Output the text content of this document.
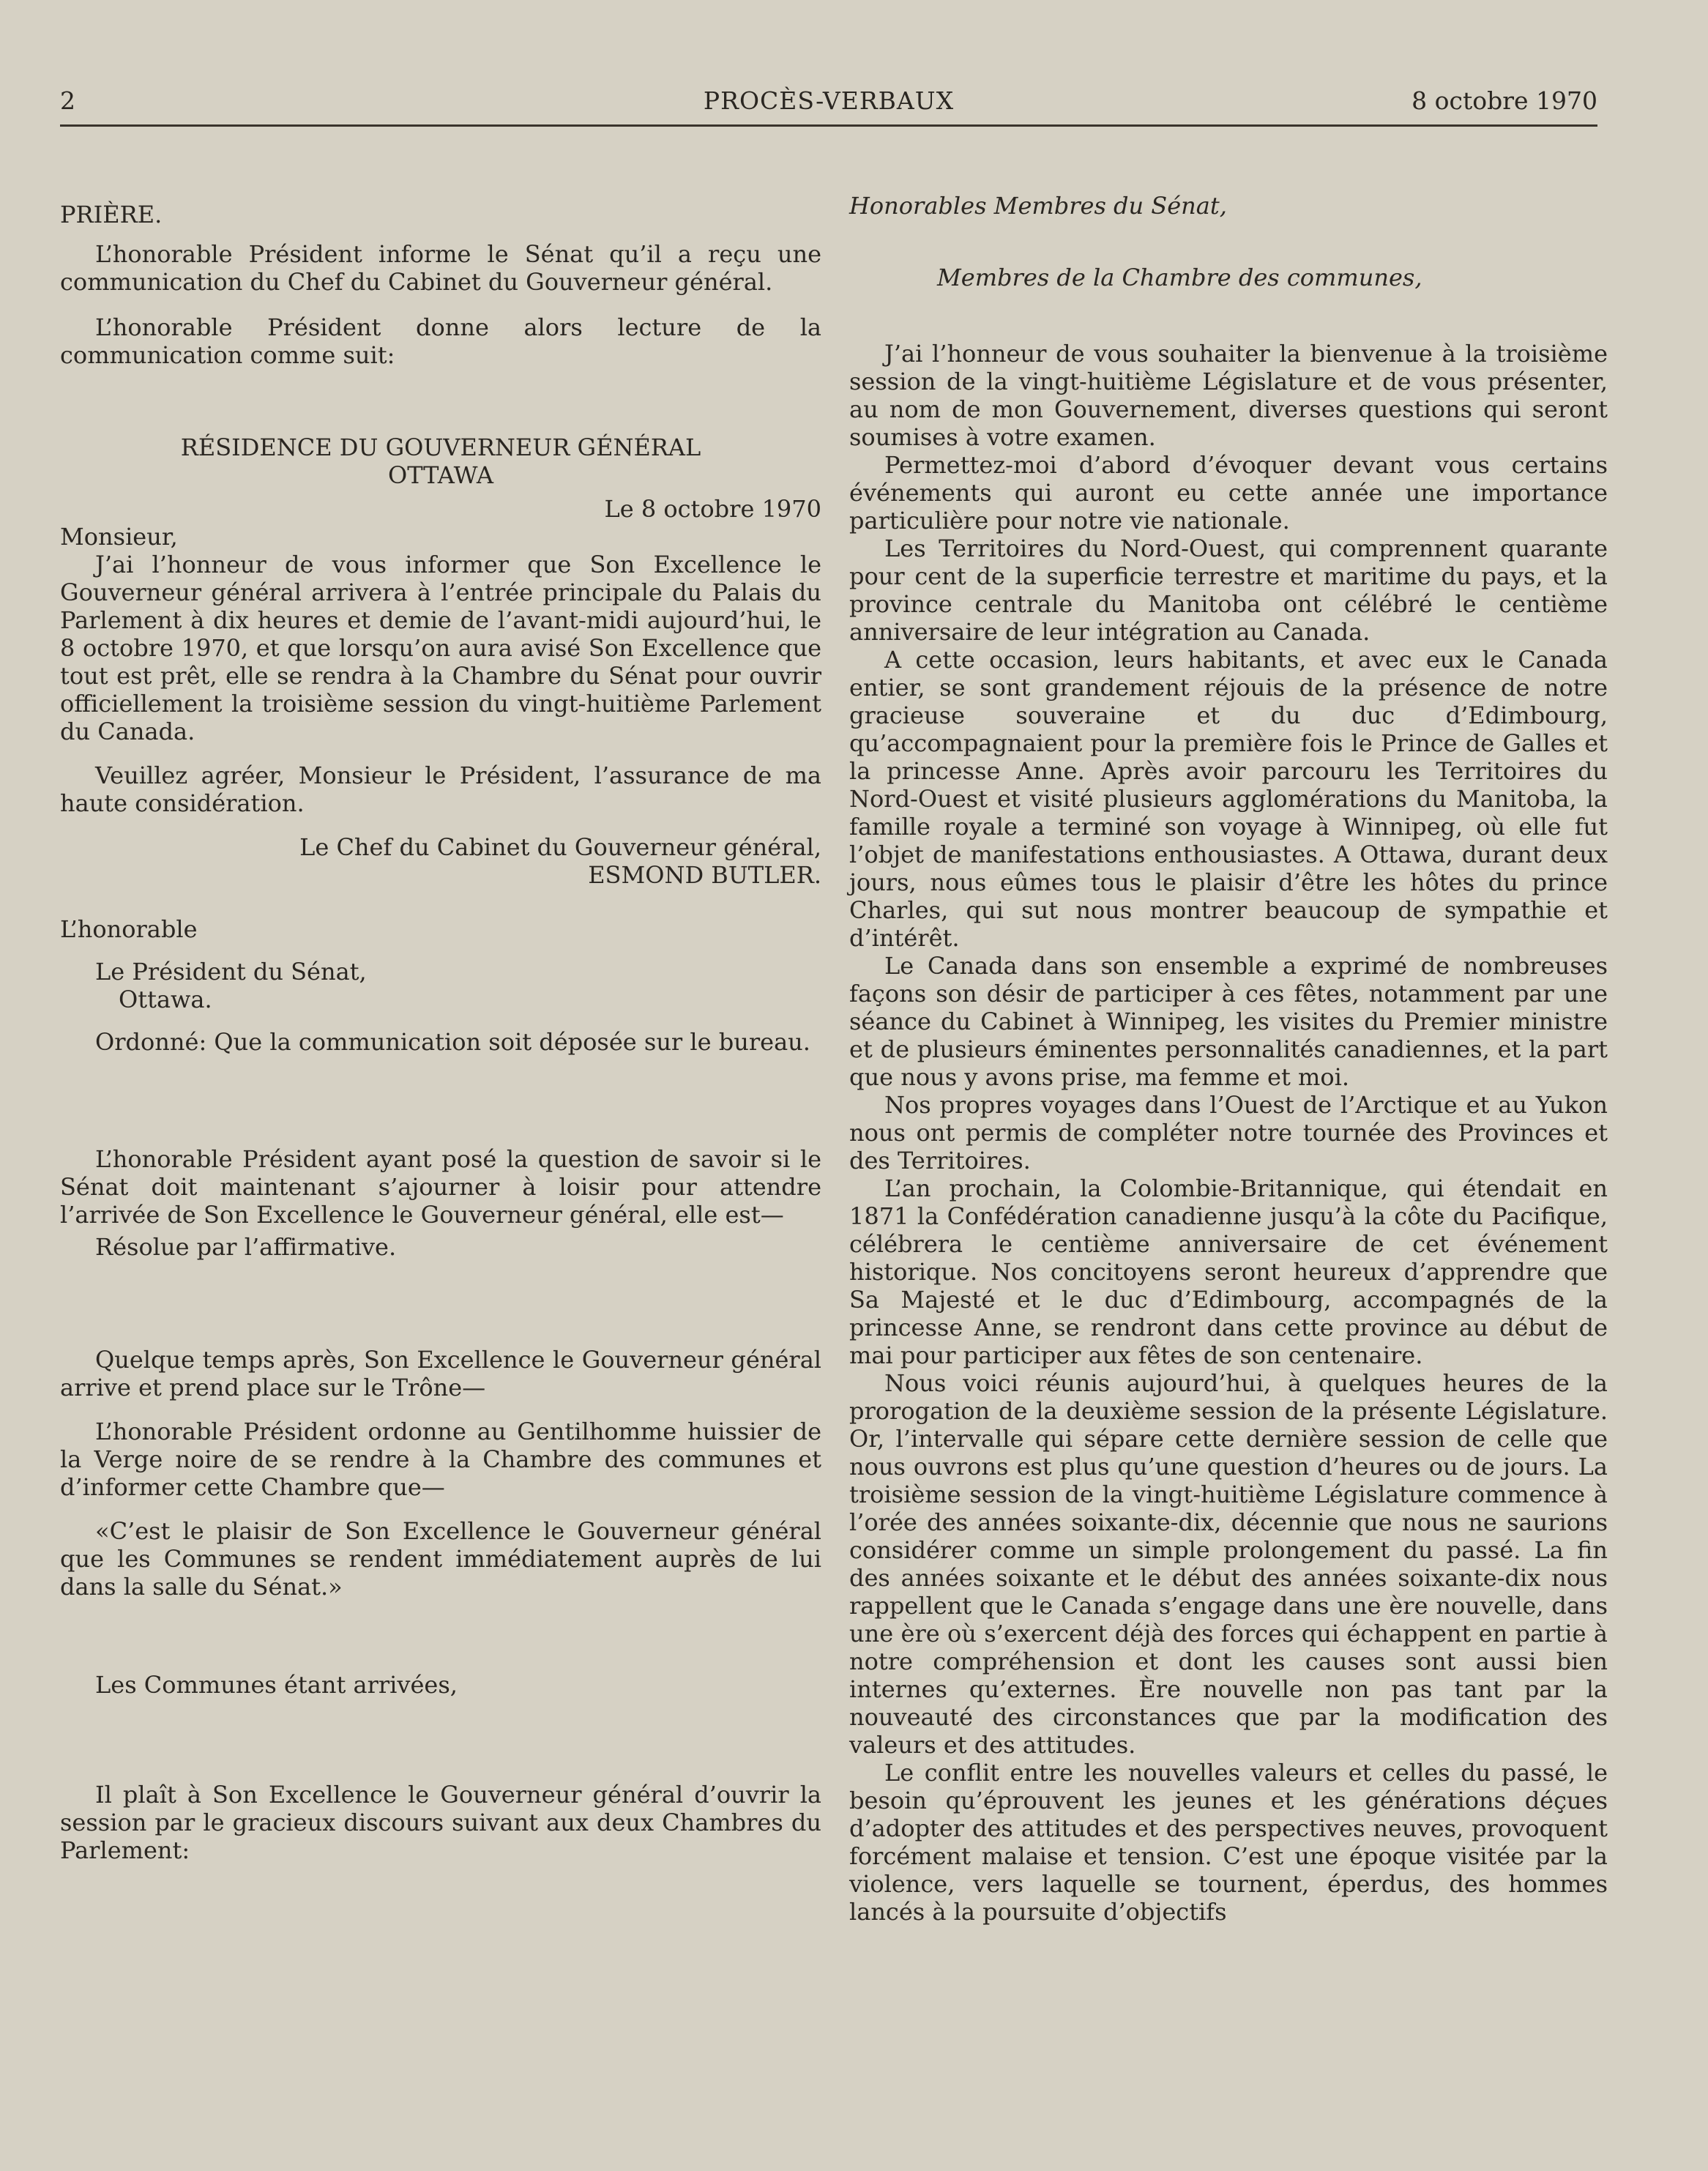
2	PROCÈS-VERBAUX	8 octobre 1970

PRIÈRE.

L’honorable Président informe le Sénat qu’il a reçu une communication du Chef du Cabinet du Gouverneur général.

L’honorable Président donne alors lecture de la communication comme suit:

RÉSIDENCE DU GOUVERNEUR GÉNÉRAL

OTTAWA

Le 8 octobre 1970

Monsieur,

J’ai l’honneur de vous informer que Son Excellence le Gouverneur général arrivera à l’entrée principale du Palais du Parlement à dix heures et demie de l’avant-midi aujourd’hui, le 8 octobre 1970, et que lorsqu’on aura avisé Son Excellence que tout est prêt, elle se rendra à la Chambre du Sénat pour ouvrir officiellement la troisième session du vingt-huitième Parlement du Canada.

Veuillez agréer, Monsieur le Président, l’assurance de ma haute considération.

Le Chef du Cabinet du Gouverneur général,

ESMOND BUTLER.

L’honorable

Le Président du Sénat,

Ottawa.

Ordonné: Que la communication soit déposée sur le bureau.

L’honorable Président ayant posé la question de savoir si le Sénat doit maintenant s’ajourner à loisir pour attendre l’arrivée de Son Excellence le Gouverneur général, elle est—

Résolue par l’affirmative.

Quelque temps après, Son Excellence le Gouverneur général arrive et prend place sur le Trône—

L’honorable Président ordonne au Gentilhomme huissier de la Verge noire de se rendre à la Chambre des communes et d’informer cette Chambre que—

«C’est le plaisir de Son Excellence le Gouverneur général que les Communes se rendent immédiatement auprès de lui dans la salle du Sénat.»

Les Communes étant arrivées,

Il plaît à Son Excellence le Gouverneur général d’ouvrir la session par le gracieux discours suivant aux deux Chambres du Parlement:

Honorables Membres du Sénat,

Membres de la Chambre des communes,

J’ai l’honneur de vous souhaiter la bienvenue à la troisième session de la vingt-huitième Législature et de vous présenter, au nom de mon Gouvernement, diverses questions qui seront soumises à votre examen.

Permettez-moi d’abord d’évoquer devant vous certains événements qui auront eu cette année une importance particulière pour notre vie nationale.

Les Territoires du Nord-Ouest, qui comprennent quarante pour cent de la superficie terrestre et maritime du pays, et la province centrale du Manitoba ont célébré le centième anniversaire de leur intégration au Canada.

A cette occasion, leurs habitants, et avec eux le Canada entier, se sont grandement réjouis de la présence de notre gracieuse souveraine et du duc d’Edimbourg, qu’accompagnaient pour la première fois le Prince de Galles et la princesse Anne. Après avoir parcouru les Territoires du Nord-Ouest et visité plusieurs agglomérations du Manitoba, la famille royale a terminé son voyage à Winnipeg, où elle fut l’objet de manifestations enthousiastes. A Ottawa, durant deux jours, nous eûmes tous le plaisir d’être les hôtes du prince Charles, qui sut nous montrer beaucoup de sympathie et d’intérêt.

Le Canada dans son ensemble a exprimé de nombreuses façons son désir de participer à ces fêtes, notamment par une séance du Cabinet à Winnipeg, les visites du Premier ministre et de plusieurs éminentes personnalités canadiennes, et la part que nous y avons prise, ma femme et moi.

Nos propres voyages dans l’Ouest de l’Arctique et au Yukon nous ont permis de compléter notre tournée des Provinces et des Territoires.

L’an prochain, la Colombie-Britannique, qui étendait en 1871 la Confédération canadienne jusqu’à la côte du Pacifique, célébrera le centième anniversaire de cet événement historique. Nos concitoyens seront heureux d’apprendre que Sa Majesté et le duc d’Edimbourg, accompagnés de la princesse Anne, se rendront dans cette province au début de mai pour participer aux fêtes de son centenaire.

Nous voici réunis aujourd’hui, à quelques heures de la prorogation de la deuxième session de la présente Législature. Or, l’intervalle qui sépare cette dernière session de celle que nous ouvrons est plus qu’une question d’heures ou de jours. La troisième session de la vingt-huitième Législature commence à l’orée des années soixante-dix, décennie que nous ne saurions considérer comme un simple prolongement du passé. La fin des années soixante et le début des années soixante-dix nous rappellent que le Canada s’engage dans une ère nouvelle, dans une ère où s’exercent déjà des forces qui échappent en partie à notre compréhension et dont les causes sont aussi bien internes qu’externes. Ère nouvelle non pas tant par la nouveauté des circonstances que par la modification des valeurs et des attitudes.

Le conflit entre les nouvelles valeurs et celles du passé, le besoin qu’éprouvent les jeunes et les générations déçues d’adopter des attitudes et des perspectives neuves, provoquent forcément malaise et tension. C’est une époque visitée par la violence, vers laquelle se tournent, éperdus, des hommes lancés à la poursuite d’objectifs
